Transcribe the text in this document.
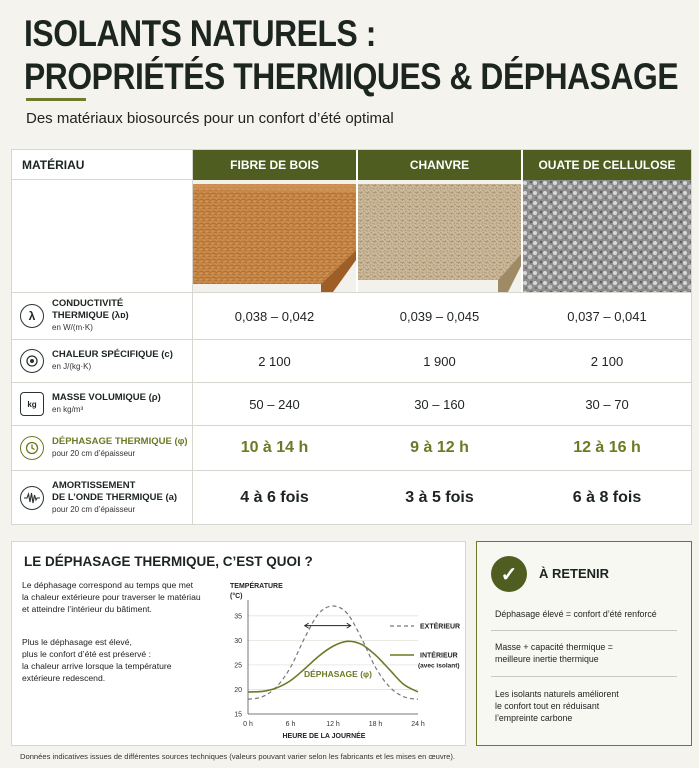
ISOLANTS NATURELS :
PROPRIÉTÉS THERMIQUES & DÉPHASAGE
Des matériaux biosourcés pour un confort d’été optimal
MATÉRIAU	FIBRE DE BOIS	CHANVRE	OUATE DE CELLULOSE
λ
CONDUCTIVITÉ
THERMIQUE (λᴅ)
en W/(m·K)
0,038 – 0,042	0,039 – 0,045	0,037 – 0,041
CHALEUR SPÉCIFIQUE (c)
en J/(kg·K)	2 100	1 900	2 100
kg
MASSE VOLUMIQUE (ρ)
en kg/m³	50 – 240	30 – 160	30 – 70
DÉPHASAGE THERMIQUE (φ)
pour 20 cm d’épaisseur	10 à 14 h	9 à 12 h	12 à 16 h
AMORTISSEMENT
DE L’ONDE THERMIQUE (a)
pour 20 cm d’épaisseur
4 à 6 fois	3 à 5 fois	6 à 8 fois
LE DÉPHASAGE THERMIQUE, C’EST QUOI ?
Le déphasage correspond au temps que met
la chaleur extérieure pour traverser le matériau
et atteindre l’intérieur du bâtiment.
Plus le déphasage est élevé,
plus le confort d’été est préservé :
la chaleur arrive lorsque la température
extérieure redescend.
TEMPÉRATURE
(°C)
15
20
25
30
35
0 h	6 h	12 h	18 h	24 h
EXTÉRIEUR
INTÉRIEUR
(avec isolant)
HEURE DE LA JOURNÉE
DÉPHASAGE (φ)
✓	À RETENIR
Déphasage élevé = confort d’été renforcé
Masse + capacité thermique =
meilleure inertie thermique
Les isolants naturels améliorent
le confort tout en réduisant
l’empreinte carbone
Données indicatives issues de différentes sources techniques (valeurs pouvant varier selon les fabricants et les mises en œuvre).
